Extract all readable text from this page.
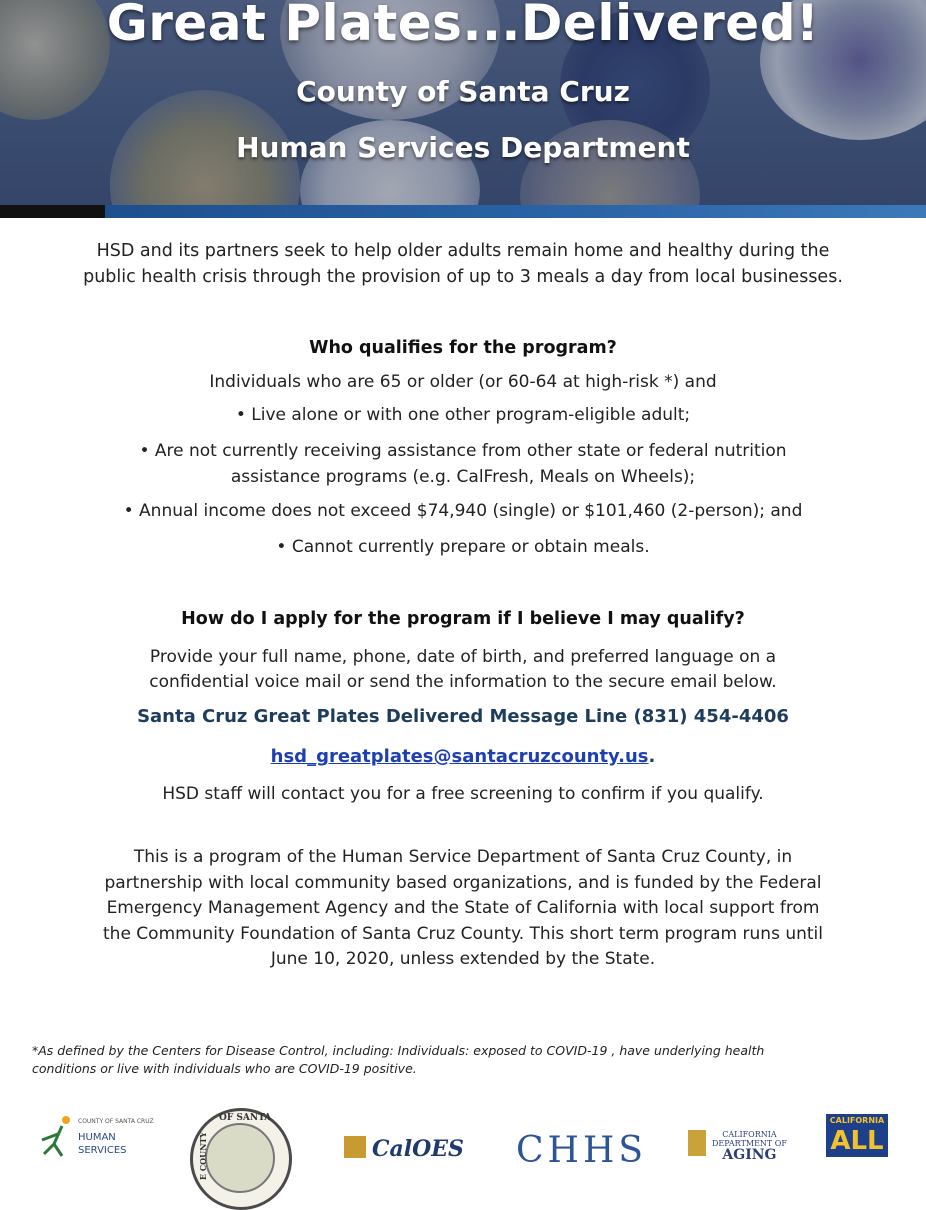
Great Plates...Delivered!
County of Santa Cruz
Human Services Department
HSD and its partners seek to help older adults remain home and healthy during the
public health crisis through the provision of up to 3 meals a day from local businesses.
Who qualifies for the program?
Individuals who are 65 or older (or 60-64 at high-risk *) and
• Live alone or with one other program-eligible adult;
• Are not currently receiving assistance from other state or federal nutrition
assistance programs (e.g. CalFresh, Meals on Wheels);
• Annual income does not exceed $74,940 (single) or $101,460 (2-person); and
• Cannot currently prepare or obtain meals.
How do I apply for the program if I believe I may qualify?
Provide your full name, phone, date of birth, and preferred language on a
confidential voice mail or send the information to the secure email below.
Santa Cruz Great Plates Delivered Message Line (831) 454-4406
hsd_greatplates@santacruzcounty.us.
HSD staff will contact you for a free screening to confirm if you qualify.
This is a program of the Human Service Department of Santa Cruz County, in
partnership with local community based organizations, and is funded by the Federal
Emergency Management Agency and the State of California with local support from
the Community Foundation of Santa Cruz County. This short term program runs until
June 10, 2020, unless extended by the State.
*As defined by the Centers for Disease Control, including: Individuals: exposed to COVID-19 , have underlying health
conditions or live with individuals who are COVID-19 positive.
COUNTY OF SANTA CRUZ
HUMAN
SERVICES
OF SANTA
E COUNTY	CalOES	CHHS	CALIFORNIA
DEPARTMENT OF
AGING
CALIFORNIA
ALL
